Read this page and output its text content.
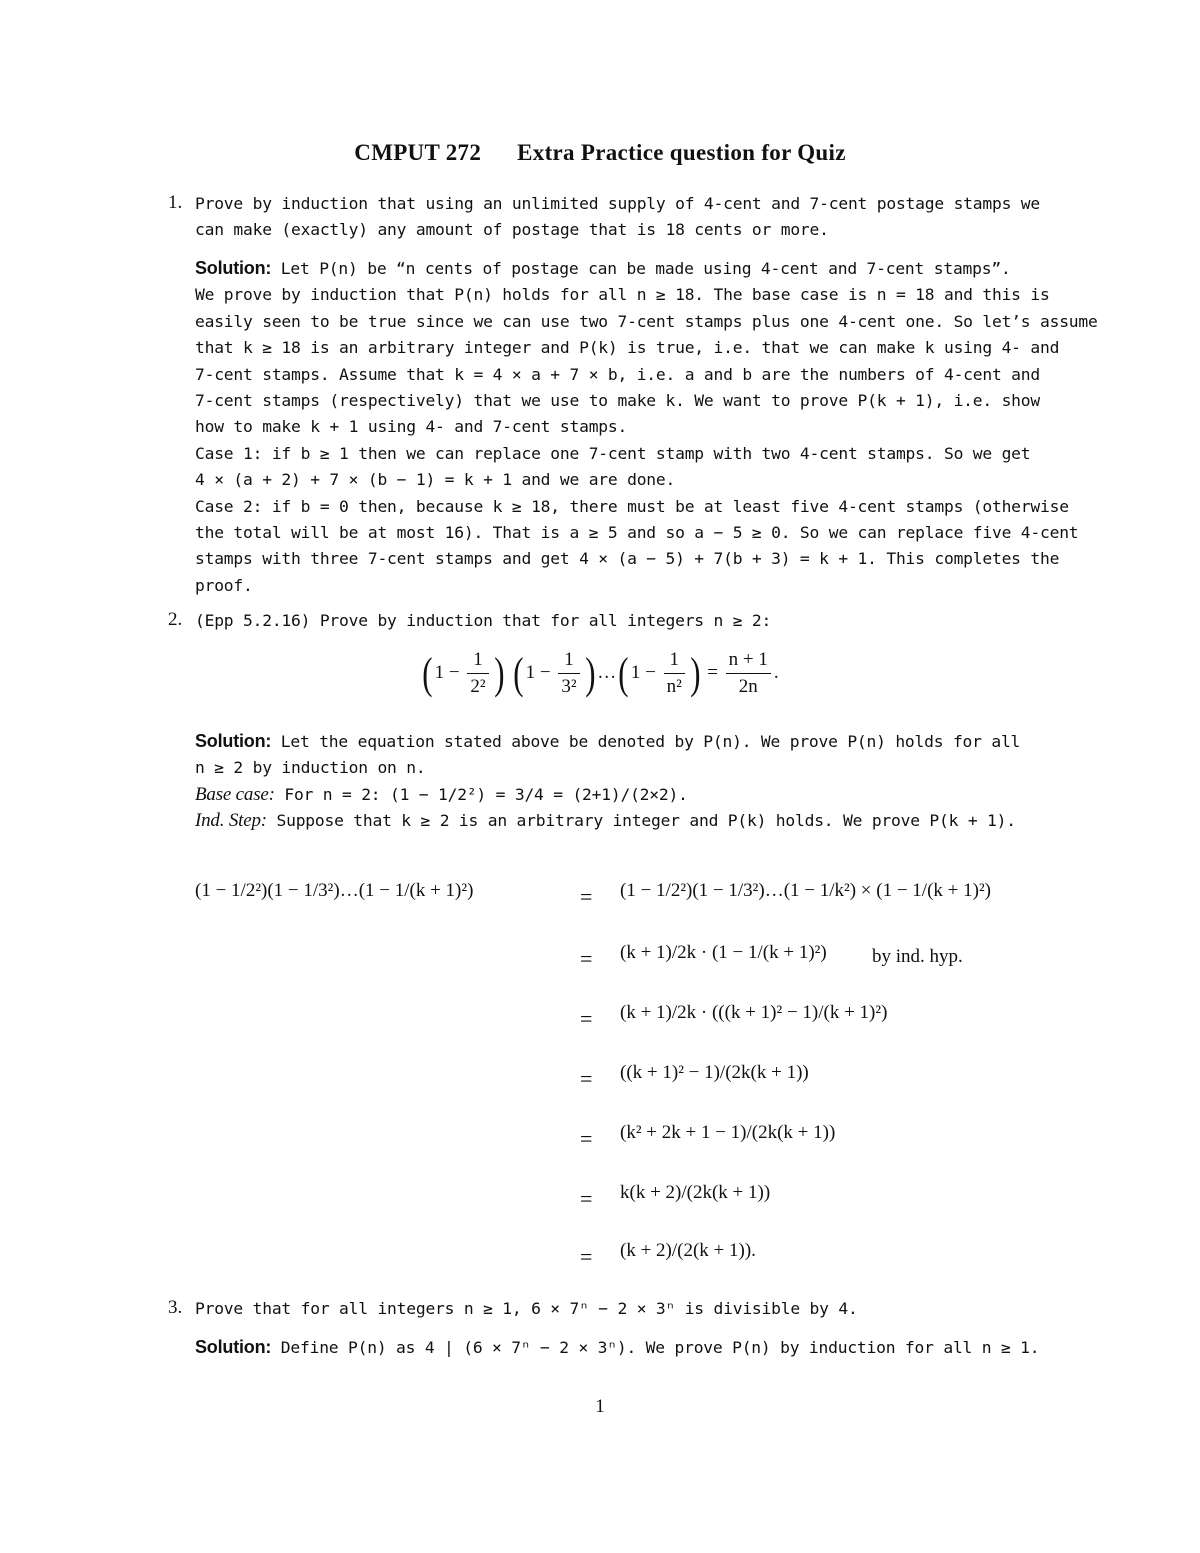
CMPUT 272 Extra Practice question for Quiz
1. Prove by induction that using an unlimited supply of 4-cent and 7-cent postage stamps we
can make (exactly) any amount of postage that is 18 cents or more.
Solution: Let P(n) be “n cents of postage can be made using 4-cent and 7-cent stamps”.
We prove by induction that P(n) holds for all n ≥ 18. The base case is n = 18 and this is
easily seen to be true since we can use two 7-cent stamps plus one 4-cent one. So let’s assume
that k ≥ 18 is an arbitrary integer and P(k) is true, i.e. that we can make k using 4- and
7-cent stamps. Assume that k = 4 × a + 7 × b, i.e. a and b are the numbers of 4-cent and
7-cent stamps (respectively) that we use to make k. We want to prove P(k + 1), i.e. show
how to make k + 1 using 4- and 7-cent stamps.
Case 1: if b ≥ 1 then we can replace one 7-cent stamp with two 4-cent stamps. So we get
4 × (a + 2) + 7 × (b − 1) = k + 1 and we are done.
Case 2: if b = 0 then, because k ≥ 18, there must be at least five 4-cent stamps (otherwise
the total will be at most 16). That is a ≥ 5 and so a − 5 ≥ 0. So we can replace five 4-cent
stamps with three 7-cent stamps and get 4 × (a − 5) + 7(b + 3) = k + 1. This completes the
proof.
2. (Epp 5.2.16) Prove by induction that for all integers n ≥ 2:
( $1 - \frac{1}{\text{2²}}$ ) ( $1 - \frac{1}{\text{3²}}$ ) …( $1 - \frac{1}{\text{n²}}$ ) = $\frac{n + 1}{2n}$ .
Solution: Let the equation stated above be denoted by P(n). We prove P(n) holds for all
n ≥ 2 by induction on n.
Base case: For n = 2: (1 − 1/2²) = 3/4 = (2+1)/(2×2).
Ind. Step: Suppose that k ≥ 2 is an arbitrary integer and P(k) holds. We prove P(k + 1).
(1 − 1/2²)(1 − 1/3²)…(1 − 1/(k + 1)²)	= (1 − 1/2²)(1 − 1/3²)…(1 − 1/k²) × (1 − 1/(k + 1)²)
= (k + 1)/2k · (1 − 1/(k + 1)²) by ind. hyp.
= (k + 1)/2k · (((k + 1)² − 1)/(k + 1)²)
= ((k + 1)² − 1)/(2k(k + 1))
= (k² + 2k + 1 − 1)/(2k(k + 1))
= k(k + 2)/(2k(k + 1))
= (k + 2)/(2(k + 1)).
3. Prove that for all integers n ≥ 1, 6 × 7ⁿ − 2 × 3ⁿ is divisible by 4.
Solution: Define P(n) as 4 | (6 × 7ⁿ − 2 × 3ⁿ). We prove P(n) by induction for all n ≥ 1.
1
